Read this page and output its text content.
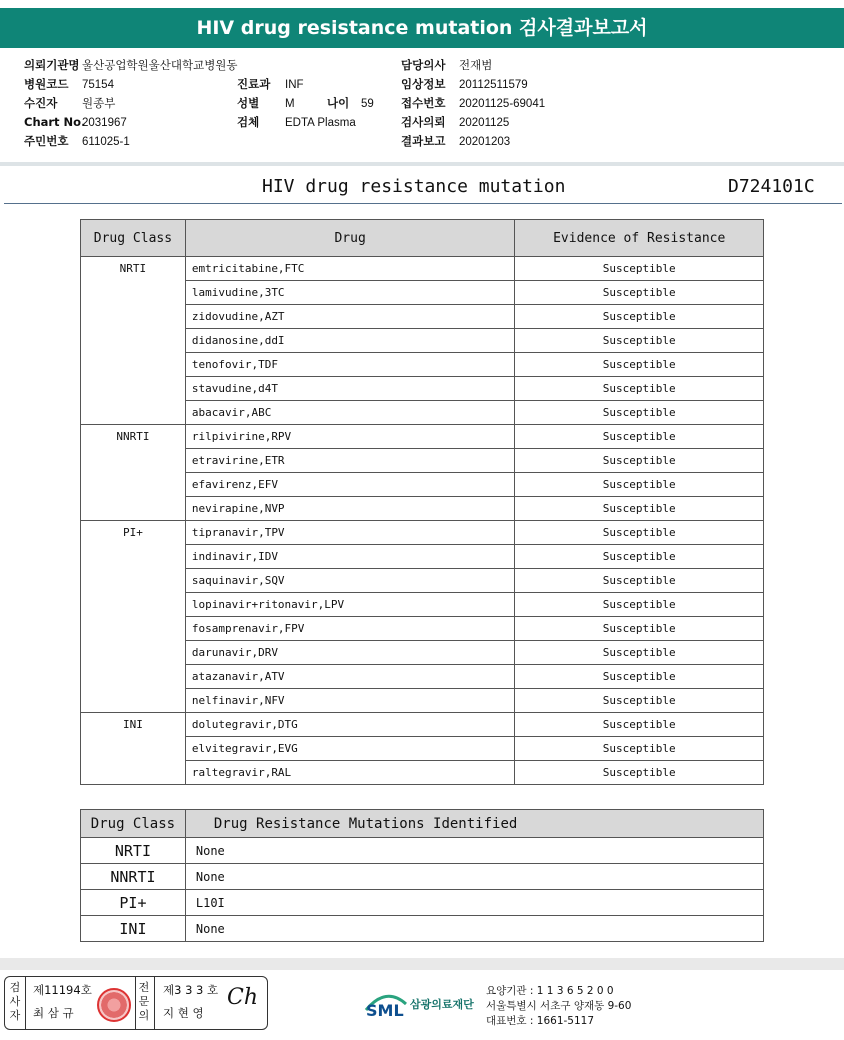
HIV drug resistance mutation 검사결과보고서
의뢰기관명 울산공업학원울산대학교병원동
병원코드 75154
수진자 원종부
Chart No.2031967
주민번호 611025-1
진료과 INF
성별 M	나이 59
검체 EDTA Plasma
담당의사 전재범
임상정보 20112511579
접수번호 20201125-69041
검사의뢰 20201125
결과보고 20201203
HIV drug resistance mutation	D724101C
Drug Class	Drug	Evidence of Resistance
NRTI	emtricitabine,FTC	Susceptible
	lamivudine,3TC	Susceptible
	zidovudine,AZT	Susceptible
	didanosine,ddI	Susceptible
	tenofovir,TDF	Susceptible
	stavudine,d4T	Susceptible
	abacavir,ABC	Susceptible
NNRTI	rilpivirine,RPV	Susceptible
	etravirine,ETR	Susceptible
	efavirenz,EFV	Susceptible
	nevirapine,NVP	Susceptible
PI+	tipranavir,TPV	Susceptible
	indinavir,IDV	Susceptible
	saquinavir,SQV	Susceptible
	lopinavir+ritonavir,LPV	Susceptible
	fosamprenavir,FPV	Susceptible
	darunavir,DRV	Susceptible
	atazanavir,ATV	Susceptible
	nelfinavir,NFV	Susceptible
INI	dolutegravir,DTG	Susceptible
	elvitegravir,EVG	Susceptible
	raltegravir,RAL	Susceptible
Drug Class	Drug Resistance Mutations Identified
NRTI	None
NNRTI	None
PI+	L10I
INI	None
검
사
자
제11194호
최 삼 규
전
문
의
제3 3 3 호
지 현 영
Ch
SML 삼광의료재단
요양기관 : 1 1 3 6 5 2 0 0
서울특별시 서초구 양재동 9-60
대표번호 : 1661-5117
